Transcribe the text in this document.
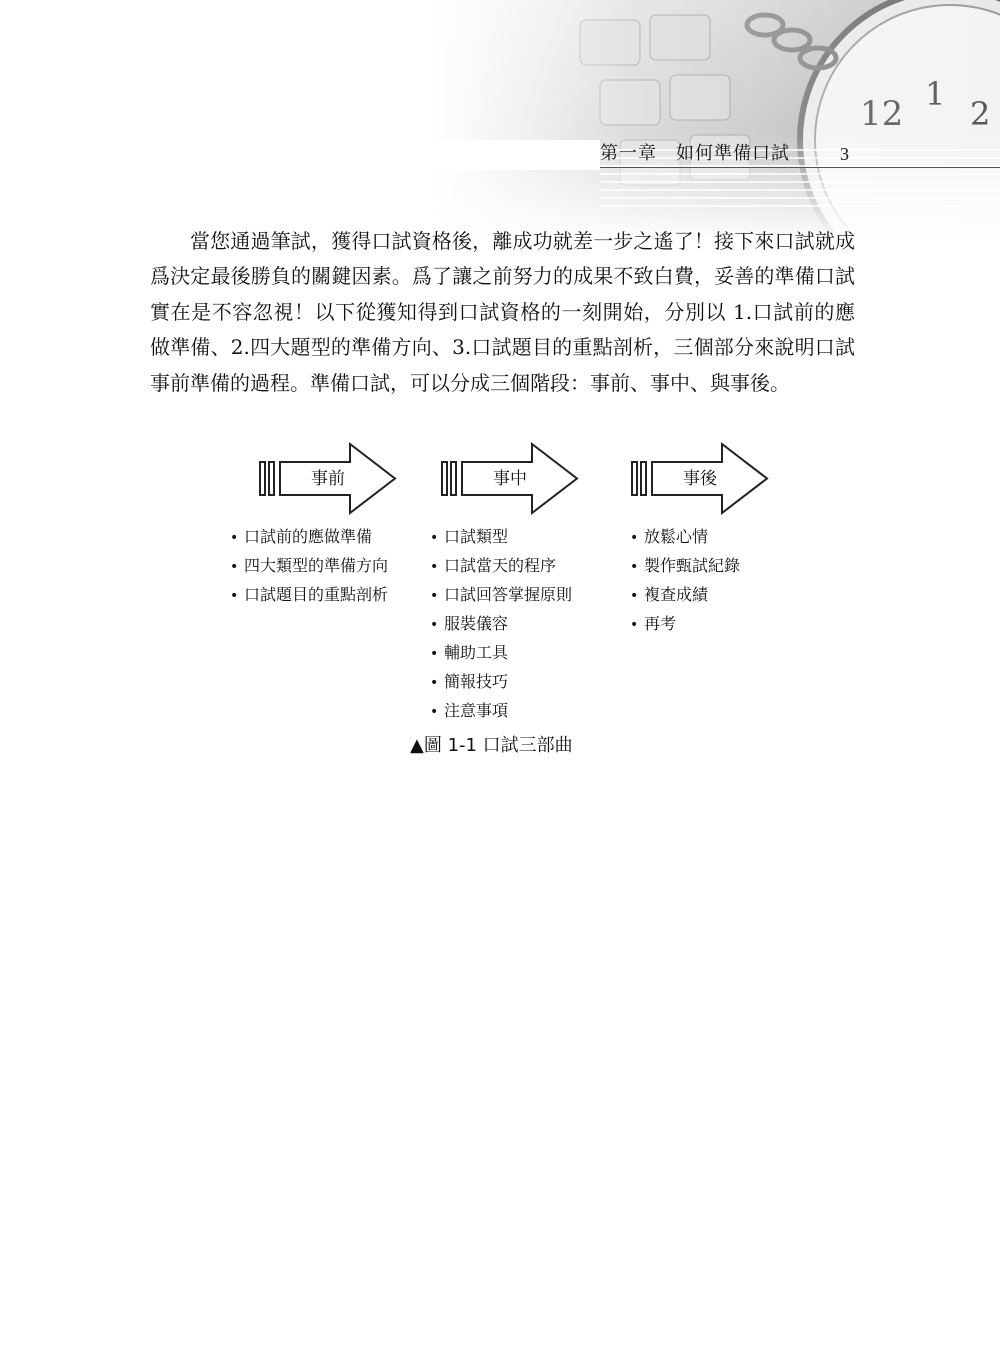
第一章　如何準備口試	3

當您通過筆試，獲得口試資格後，離成功就差一步之遙了！接下來口試就成爲決定最後勝負的關鍵因素。爲了讓之前努力的成果不致白費，妥善的準備口試實在是不容忽視！以下從獲知得到口試資格的一刻開始，分別以 1.口試前的應做準備、2.四大題型的準備方向、3.口試題目的重點剖析，三個部分來說明口試事前準備的過程。準備口試，可以分成三個階段：事前、事中、與事後。

事前	事中	事後
• 口試前的應做準備
• 四大類型的準備方向
• 口試題目的重點剖析
• 口試類型
• 口試當天的程序
• 口試回答掌握原則
• 服裝儀容
• 輔助工具
• 簡報技巧
• 注意事項
• 放鬆心情
• 製作甄試紀錄
• 複查成績
• 再考
▲圖 1-1 口試三部曲
